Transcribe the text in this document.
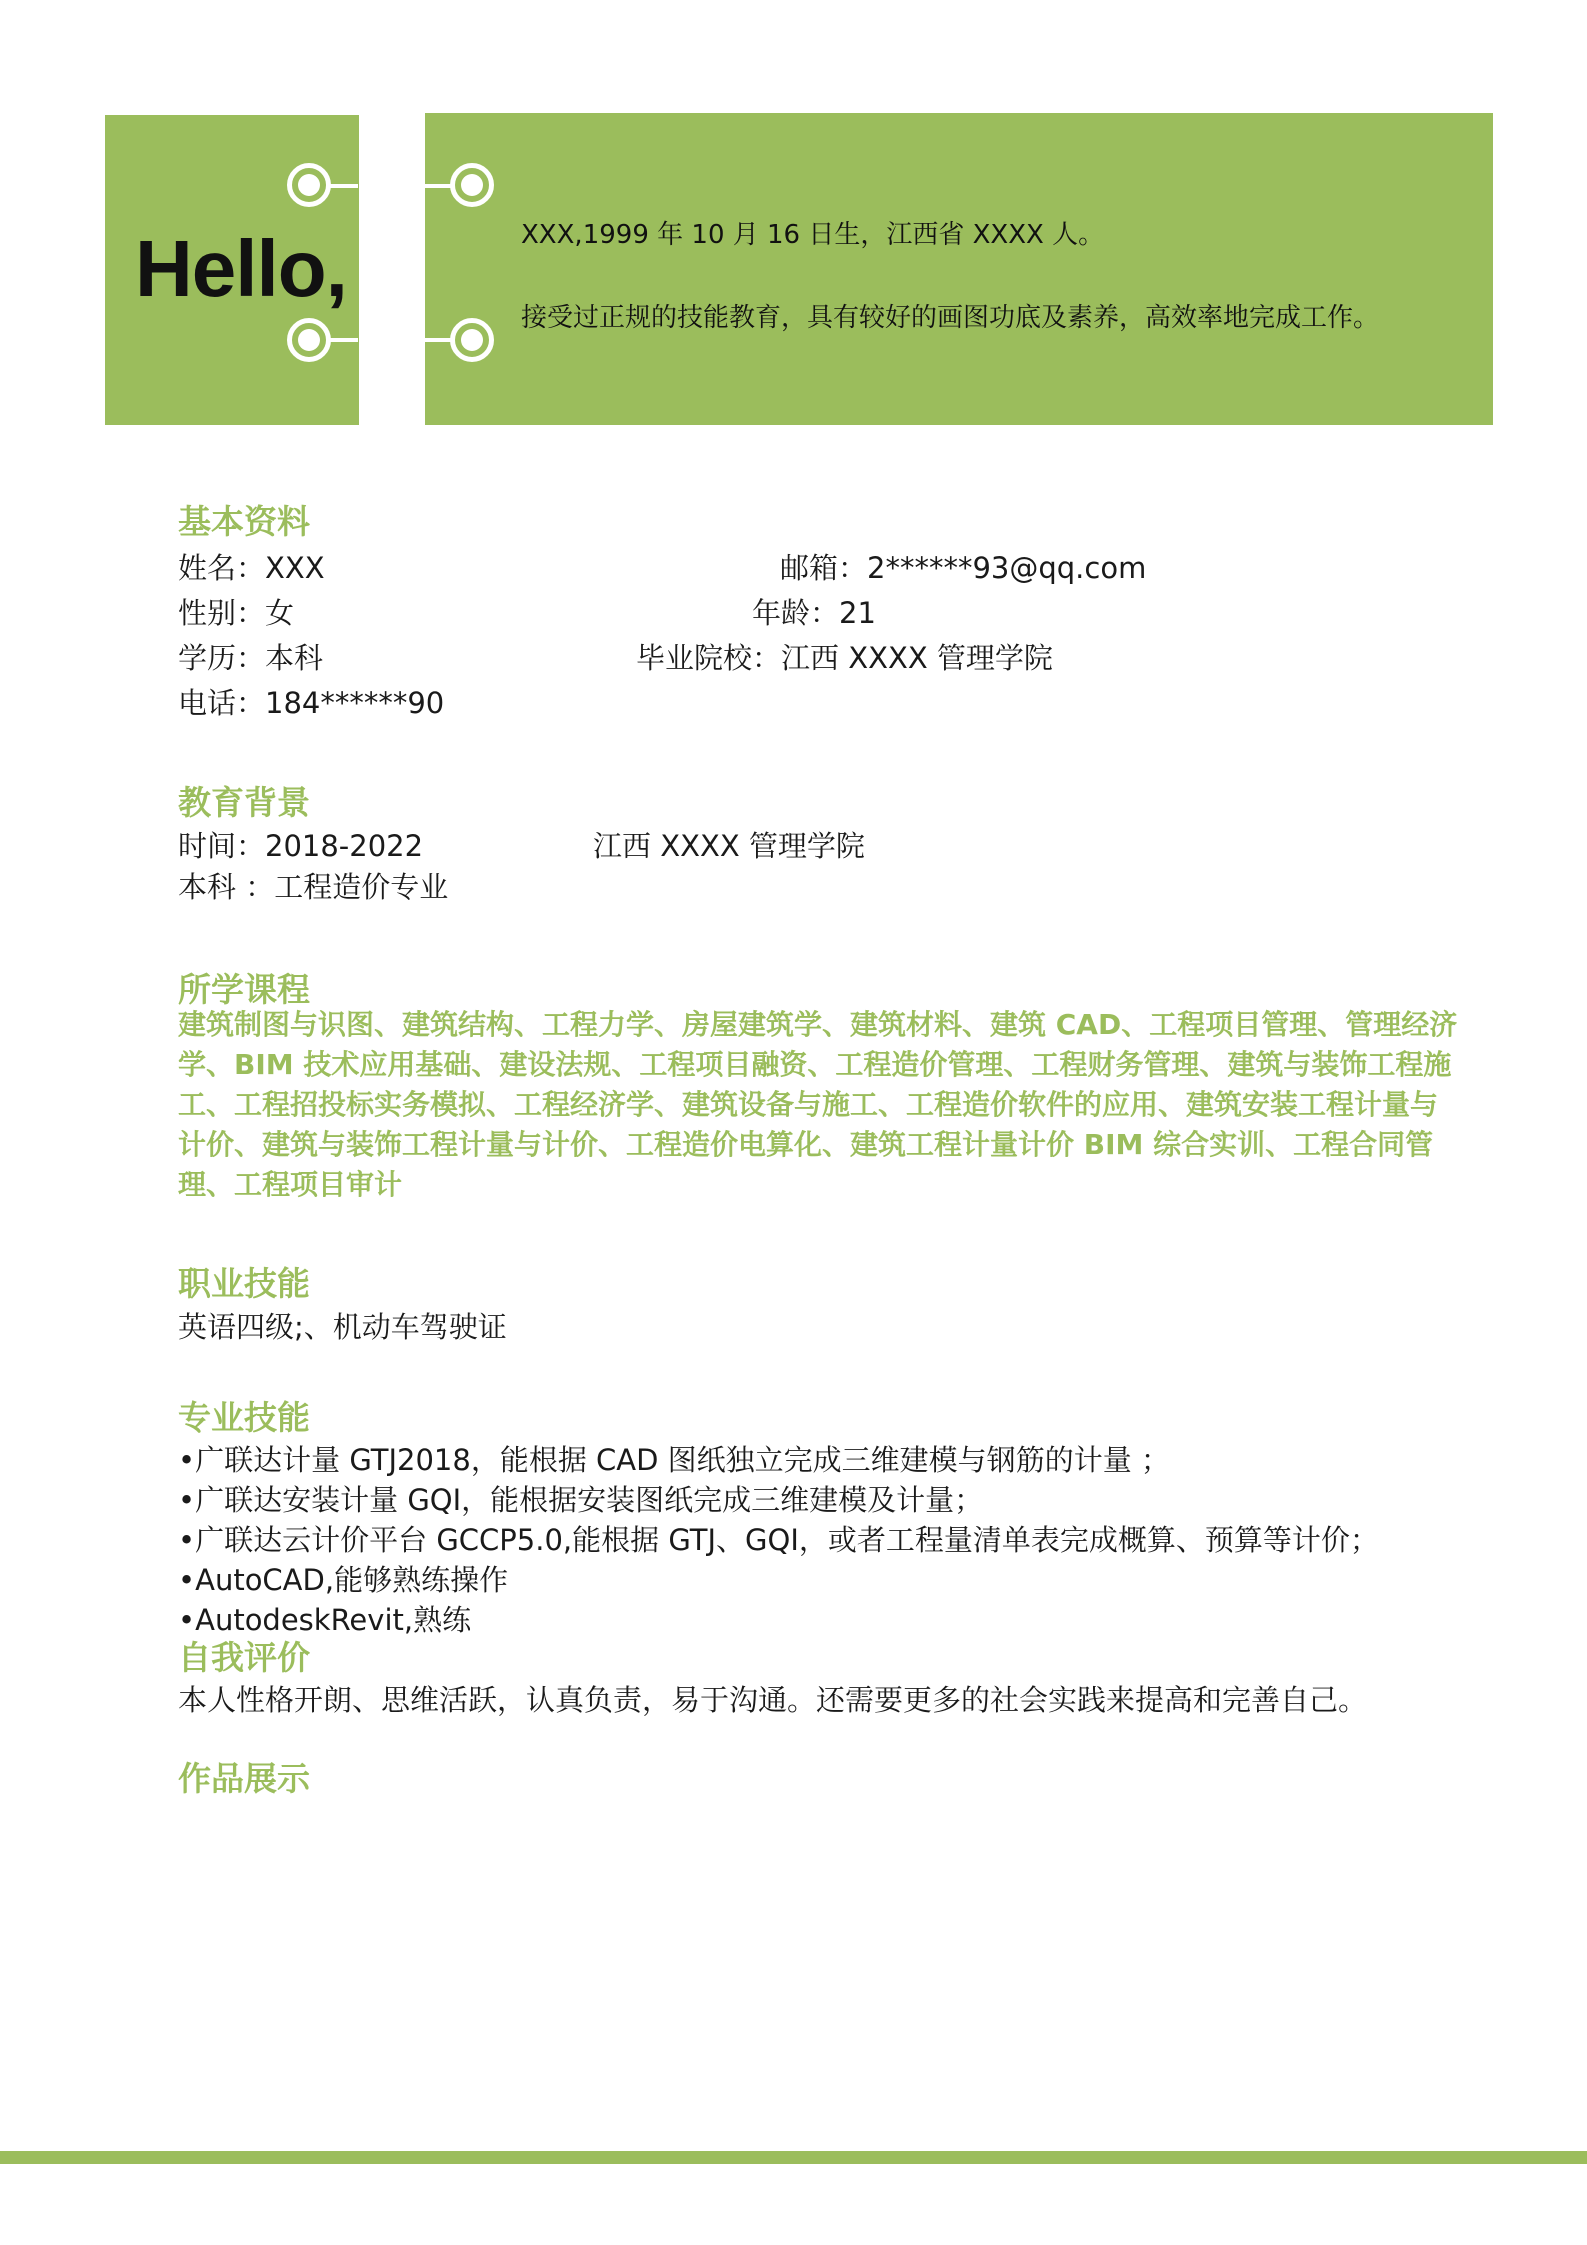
Hello,	XXX,1999 年 10 月 16 日生，江西省 XXXX 人。
接受过正规的技能教育，具有较好的画图功底及素养，高效率地完成工作。
基本资料
姓名：XXX	邮箱：2******93@qq.com
性别：女	年龄：21
学历：本科	毕业院校：江西 XXXX 管理学院
电话：184******90
教育背景
时间：2018-2022	江西 XXXX 管理学院
本科 ：工程造价专业
所学课程
建筑制图与识图、建筑结构、工程力学、房屋建筑学、建筑材料、建筑 CAD、工程项目管理、管理经济学、BIM 技术应用基础、建设法规、工程项目融资、工程造价管理、工程财务管理、建筑与装饰工程施工、工程招投标实务模拟、工程经济学、建筑设备与施工、工程造价软件的应用、建筑安装工程计量与计价、建筑与装饰工程计量与计价、工程造价电算化、建筑工程计量计价 BIM 综合实训、工程合同管理、工程项目审计
职业技能
英语四级;、机动车驾驶证
专业技能
•广联达计量 GTJ2018，能根据 CAD 图纸独立完成三维建模与钢筋的计量 ；
•广联达安装计量 GQI，能根据安装图纸完成三维建模及计量；
•广联达云计价平台 GCCP5.0,能根据 GTJ、GQI，或者工程量清单表完成概算、预算等计价；
•AutoCAD,能够熟练操作
•AutodeskRevit,熟练
自我评价
本人性格开朗、思维活跃，认真负责，易于沟通。还需要更多的社会实践来提高和完善自己。
作品展示
